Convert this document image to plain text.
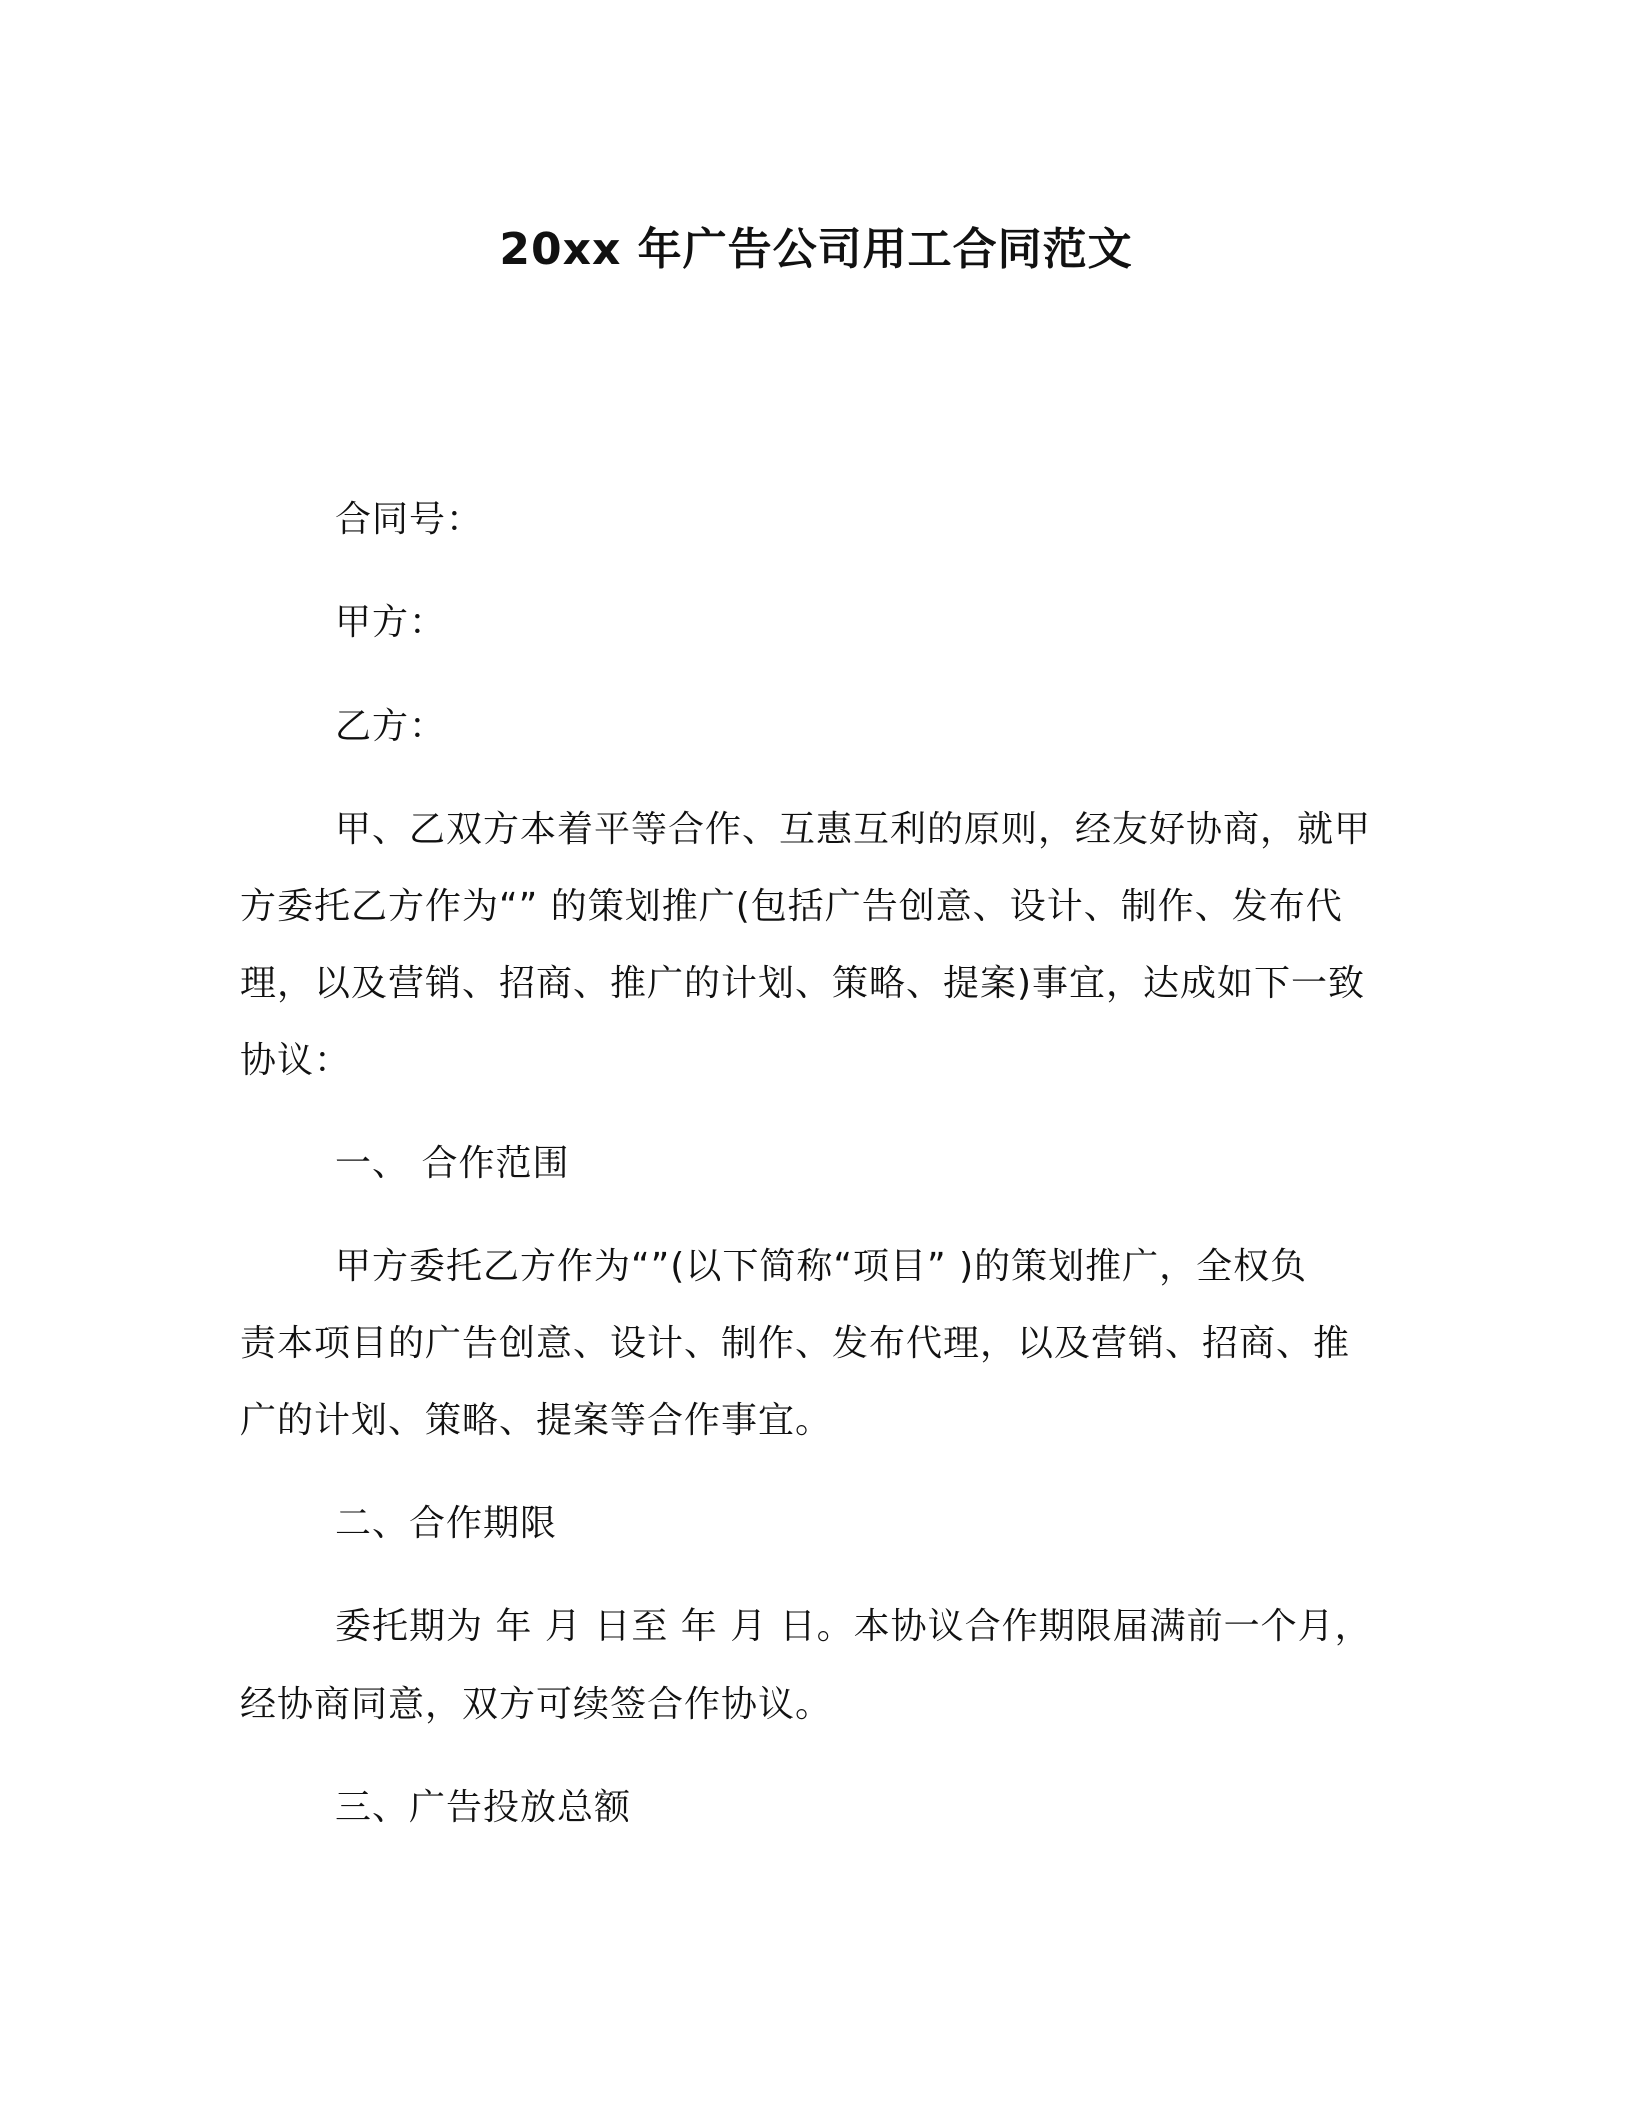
20xx 年广告公司用工合同范文
合同号：
甲方：
乙方：
甲、乙双方本着平等合作、互惠互利的原则，经友好协商，就甲
方委托乙方作为“” 的策划推广(包括广告创意、设计、制作、发布代
理，以及营销、招商、推广的计划、策略、提案)事宜，达成如下一致
协议：
一、 合作范围
甲方委托乙方作为“”(以下简称“项目” )的策划推广，全权负
责本项目的广告创意、设计、制作、发布代理，以及营销、招商、推
广的计划、策略、提案等合作事宜。
二、合作期限
委托期为 年 月 日至 年 月 日。本协议合作期限届满前一个月，
经协商同意，双方可续签合作协议。
三、广告投放总额
